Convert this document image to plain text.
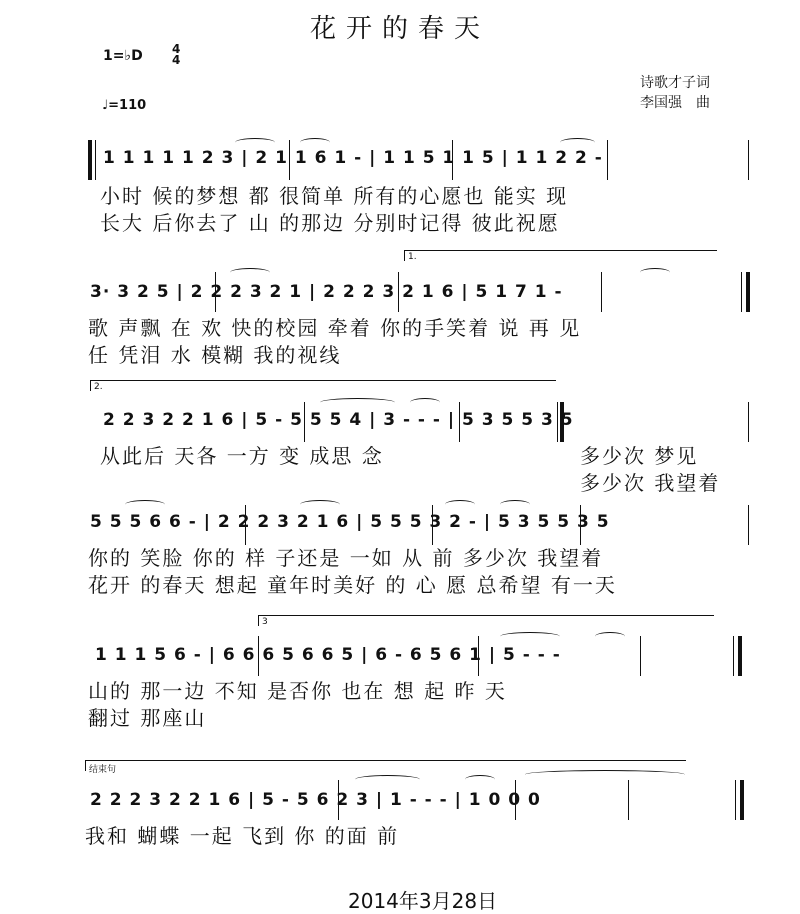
花开的春天
1=♭D 4
4
♩=110
诗歌才子词
李国强　曲
1 1 1 1 1 2 3 | 2 1 1 6 1 - | 1 1 5 1 1 5 | 1 1 2 2 -
小时 候的梦想 都 很简单 所有的心愿也 能实 现
长大 后你去了 山 的那边 分别时记得 彼此祝愿
1.
3· 3 2 5 | 2 2 2 3 2 1 | 2 2 2 3 2 1 6 | 5 1 7 1 -
歌 声飘 在 欢 快的校园 牵着 你的手笑着 说 再 见
任 凭泪 水 模糊 我的视线
2.
2 2 3 2 2 1 6 | 5 - 5 5 5 4 | 3 - - - | 5 3 5 5 3 5
从此后 天各 一方 变 成思 念	多少次 梦见
多少次 我望着
5 5 5 6 6 - | 2 2 2 3 2 1 6 | 5 5 5 3 2 - | 5 3 5 5 3 5
你的 笑脸 你的 样 子还是 一如 从 前 多少次 我望着
花开 的春天 想起 童年时美好 的 心 愿 总希望 有一天
3
1 1 1 5 6 - | 6 6 6 5 6 6 5 | 6 - 6 5 6 1 | 5 - - -
山的 那一边 不知 是否你 也在 想 起 昨 天
翻过 那座山
结束句
2 2 2 3 2 2 1 6 | 5 - 5 6 2 3 | 1 - - - | 1 0 0 0
我和 蝴蝶 一起 飞到 你 的面 前
2014年3月28日
